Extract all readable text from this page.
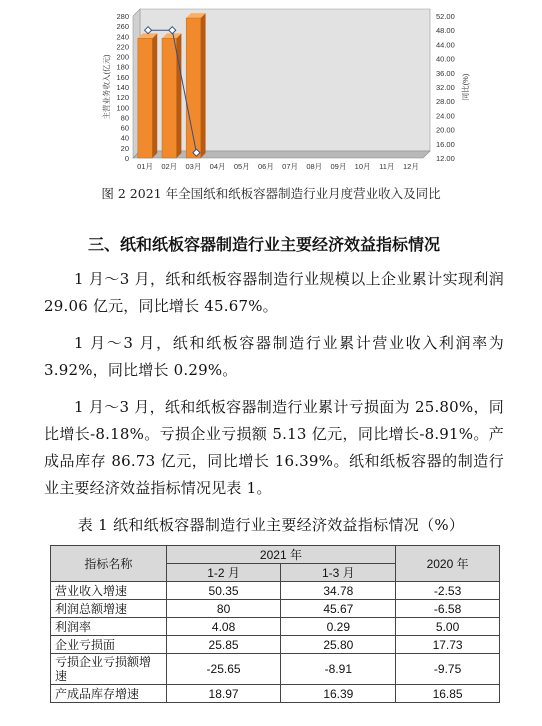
0
20
40
60
80
100
120
140
160
180
200
220
240
260
280
12.00
16.00
20.00
24.00
28.00
32.00
36.00
40.00
44.00
48.00
52.00
主营业务收入(亿元)	同比(%)
01月 02月 03月 04月 05月 06月 07月 08月 09月 10月 11月 12月
图 2 2021 年全国纸和纸板容器制造行业月度营业收入及同比
三、纸和纸板容器制造行业主要经济效益指标情况
1 月～3 月，纸和纸板容器制造行业规模以上企业累计实现利润 29.06 亿元，同比增长 45.67%。
1 月～3 月，纸和纸板容器制造行业累计营业收入利润率为 3.92%，同比增长 0.29%。
1 月～3 月，纸和纸板容器制造行业累计亏损面为 25.80%，同比增长-8.18%。亏损企业亏损额 5.13 亿元，同比增长-8.91%。产成品库存 86.73 亿元，同比增长 16.39%。纸和纸板容器的制造行业主要经济效益指标情况见表 1。
表 1 纸和纸板容器制造行业主要经济效益指标情况（%）
指标名称	2021 年		2020 年
	1-2 月	1-3 月	
营业收入增速	50.35	34.78	-2.53
利润总额增速	80	45.67	-6.58
利润率	4.08	0.29	5.00
企业亏损面	25.85	25.80	17.73
亏损企业亏损额增速	-25.65	-8.91	-9.75
产成品库存增速	18.97	16.39	16.85
